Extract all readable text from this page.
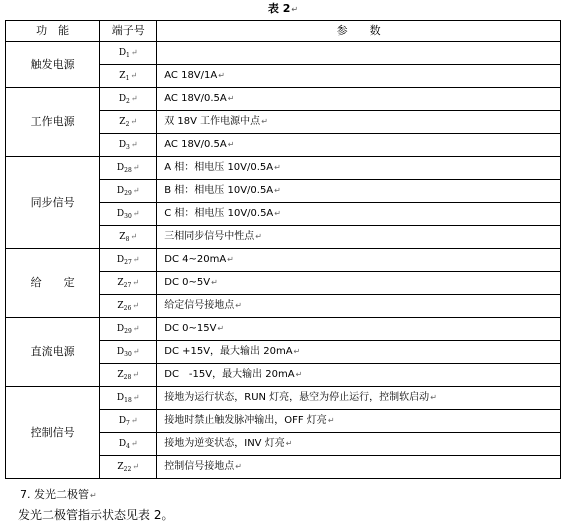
表 2↵
功　能	端子号	参　　数
触发电源	$D_1↵$	
	$Z_1↵$	AC 18V/1A↵
工作电源	$D_2↵$	AC 18V/0.5A↵
	$Z_2↵$	双 18V 工作电源中点↵
	$D_3↵$	AC 18V/0.5A↵
同步信号	$D_{28}↵$	A 相：相电压 10V/0.5A↵
	$D_{29}↵$	B 相：相电压 10V/0.5A↵
	$D_{30}↵$	C 相：相电压 10V/0.5A↵
	$Z_8↵$	三相同步信号中性点↵
给　　定	$D_{27}↵$	DC 4~20mA↵
	$Z_{27}↵$	DC 0~5V↵
	$Z_{26}↵$	给定信号接地点↵
直流电源	$D_{29}↵$	DC 0~15V↵
	$D_{30}↵$	DC +15V，最大输出 20mA↵
	$Z_{28}↵$	DC　-15V，最大输出 20mA↵
控制信号	$D_{18}↵$	接地为运行状态，RUN 灯亮，悬空为停止运行，控制软启动↵
	$D_7↵$	接地时禁止触发脉冲输出，OFF 灯亮↵
	$D_4↵$	接地为逆变状态，INV 灯亮↵
	$Z_{22}↵$	控制信号接地点↵
7. 发光二极管↵
发光二极管指示状态见表 2。
